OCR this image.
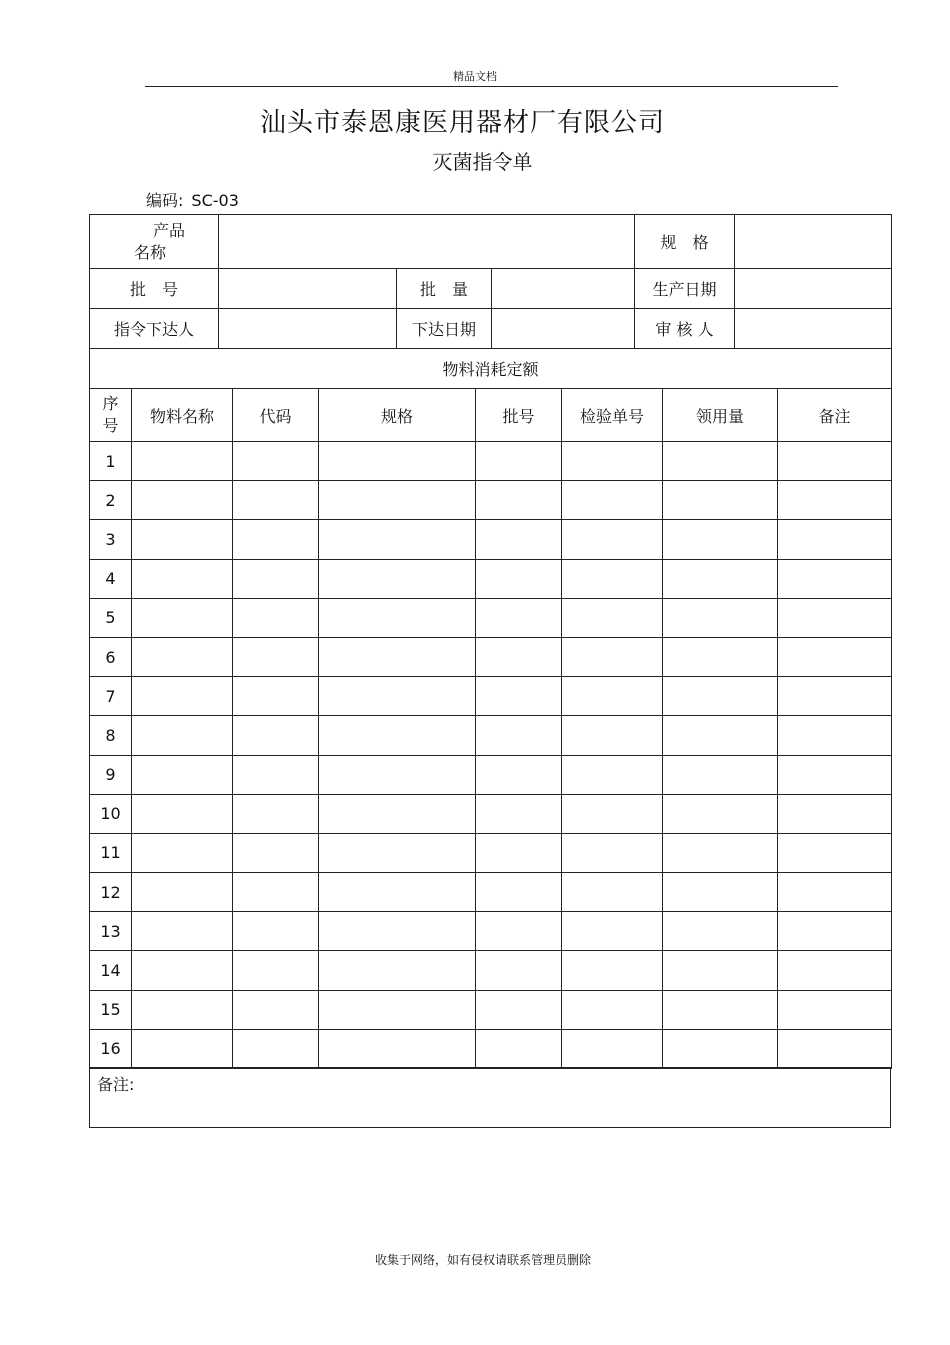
精品文档
汕头市泰恩康医用器材厂有限公司
灭菌指令单
编码: SC-03
产品
名称				规　格	
批　号		批　量		生产日期	
指令下达人		下达日期		审 核 人	
物料消耗定额					
序
号	物料名称	代码	规格	批号	检验单号	领用量	备注
1							
2							
3							
4							
5							
6							
7							
8							
9							
10							
11							
12							
13							
14							
15							
16							
备注:
收集于网络，如有侵权请联系管理员删除
